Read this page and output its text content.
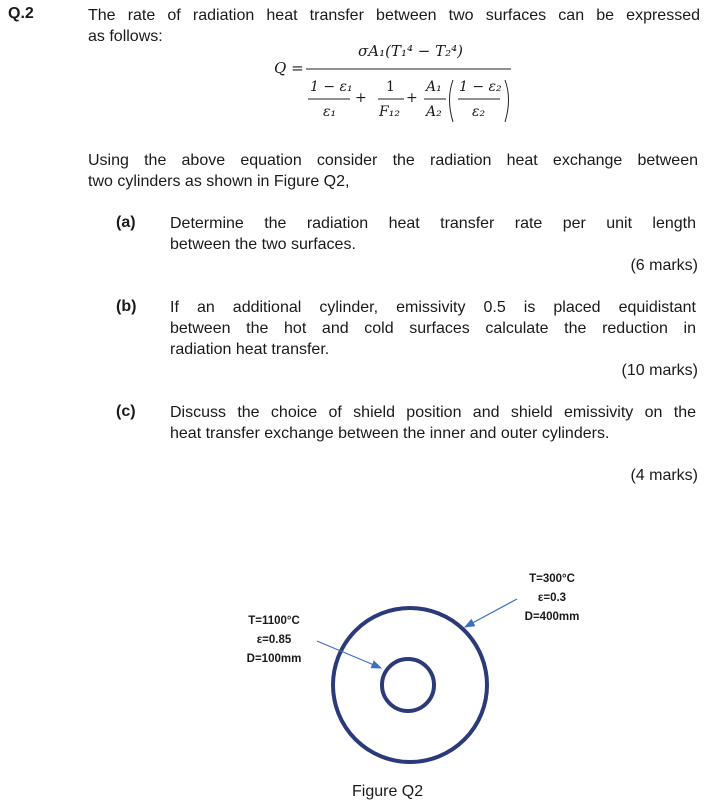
Q.2	The rate of radiation heat transfer between two surfaces can be expressed
as follows:
Q =
σA₁(T₁⁴ − T₂⁴)
1 − ε₁
ε₁
+
1
F₁₂
+
A₁
A₂
1 − ε₂
ε₂
Using the above equation consider the radiation heat exchange between
two cylinders as shown in Figure Q2,
(a) Determine the radiation heat transfer rate per unit length
between the two surfaces.
(6 marks)
(b) If an additional cylinder, emissivity 0.5 is placed equidistant
between the hot and cold surfaces calculate the reduction in
radiation heat transfer.
(10 marks)
(c) Discuss the choice of shield position and shield emissivity on the
heat transfer exchange between the inner and outer cylinders.
(4 marks)
T=1100°C
ε=0.85
D=100mm
T=300°C
ε=0.3
D=400mm
Figure Q2
